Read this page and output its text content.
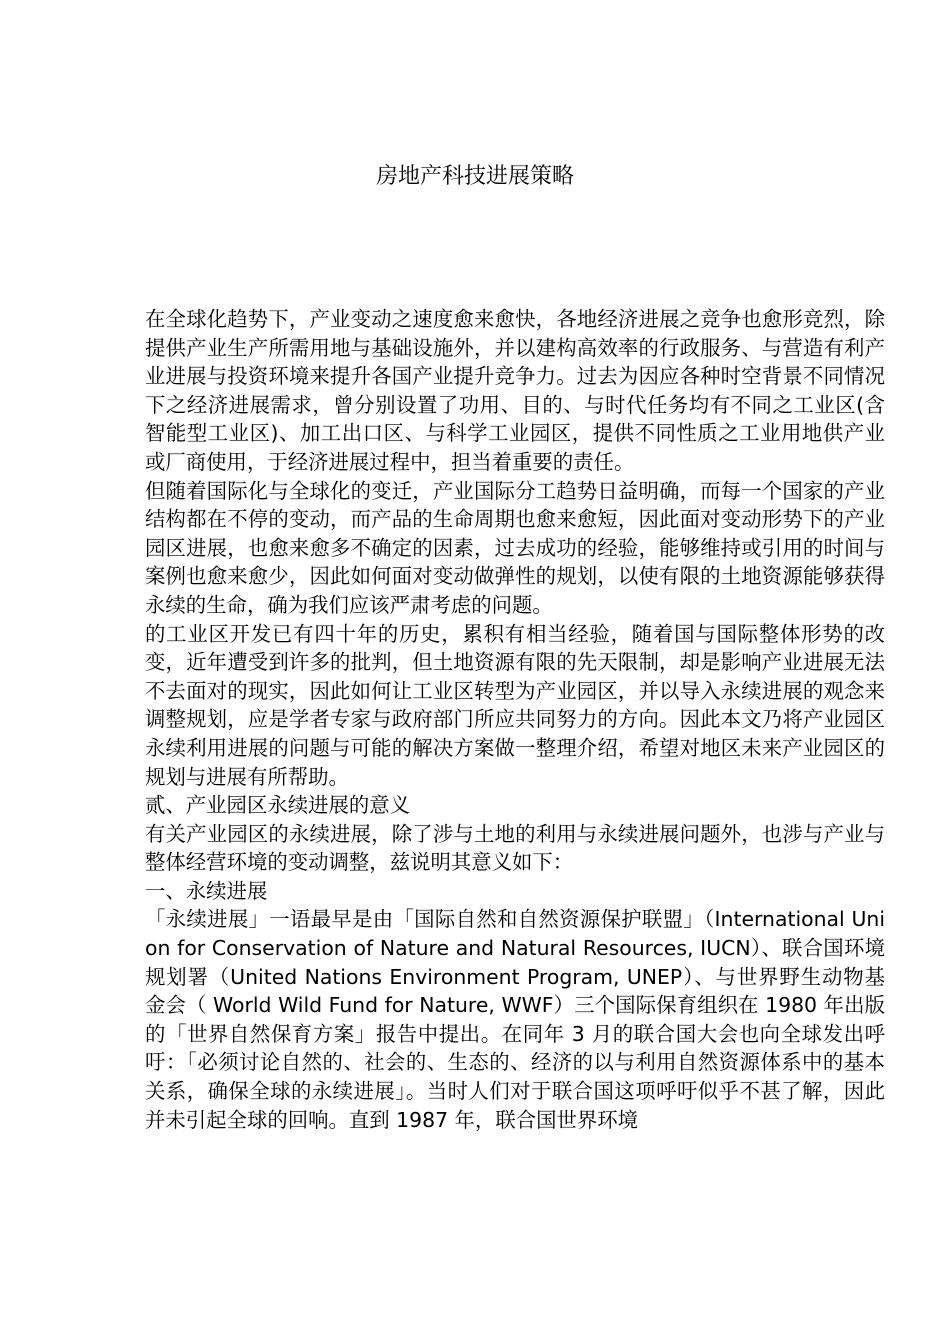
房地产科技进展策略

在全球化趋势下，产业变动之速度愈来愈快，各地经济进展之竞争也愈形竞烈，除提供产业生产所需用地与基础设施外，并以建构高效率的行政服务、与营造有利产业进展与投资环境来提升各国产业提升竞争力。过去为因应各种时空背景不同情况下之经济进展需求，曾分别设置了功用、目的、与时代任务均有不同之工业区(含智能型工业区)、加工出口区、与科学工业园区，提供不同性质之工业用地供产业或厂商使用，于经济进展过程中，担当着重要的责任。

但随着国际化与全球化的变迁，产业国际分工趋势日益明确，而每一个国家的产业结构都在不停的变动，而产品的生命周期也愈来愈短，因此面对变动形势下的产业园区进展，也愈来愈多不确定的因素，过去成功的经验，能够维持或引用的时间与案例也愈来愈少，因此如何面对变动做弹性的规划，以使有限的土地资源能够获得永续的生命，确为我们应该严肃考虑的问题。

的工业区开发已有四十年的历史，累积有相当经验，随着国与国际整体形势的改变，近年遭受到许多的批判，但土地资源有限的先天限制，却是影响产业进展无法不去面对的现实，因此如何让工业区转型为产业园区，并以导入永续进展的观念来调整规划，应是学者专家与政府部门所应共同努力的方向。因此本文乃将产业园区永续利用进展的问题与可能的解决方案做一整理介绍，希望对地区未来产业园区的规划与进展有所帮助。

贰、产业园区永续进展的意义

有关产业园区的永续进展，除了涉与土地的利用与永续进展问题外，也涉与产业与整体经营环境的变动调整，兹说明其意义如下：

一、永续进展

「永续进展」一语最早是由「国际自然和自然资源保护联盟」（International Union for Conservation of Nature and Natural Resources, IUCN）、联合国环境规划署（United Nations Environment Program, UNEP）、与世界野生动物基金会（ World Wild Fund for Nature, WWF）三个国际保育组织在 1980 年出版的「世界自然保育方案」报告中提出。在同年 3 月的联合国大会也向全球发出呼吁：「必须讨论自然的、社会的、生态的、经济的以与利用自然资源体系中的基本关系，确保全球的永续进展」。当时人们对于联合国这项呼吁似乎不甚了解，因此并未引起全球的回响。直到 1987 年，联合国世界环境
